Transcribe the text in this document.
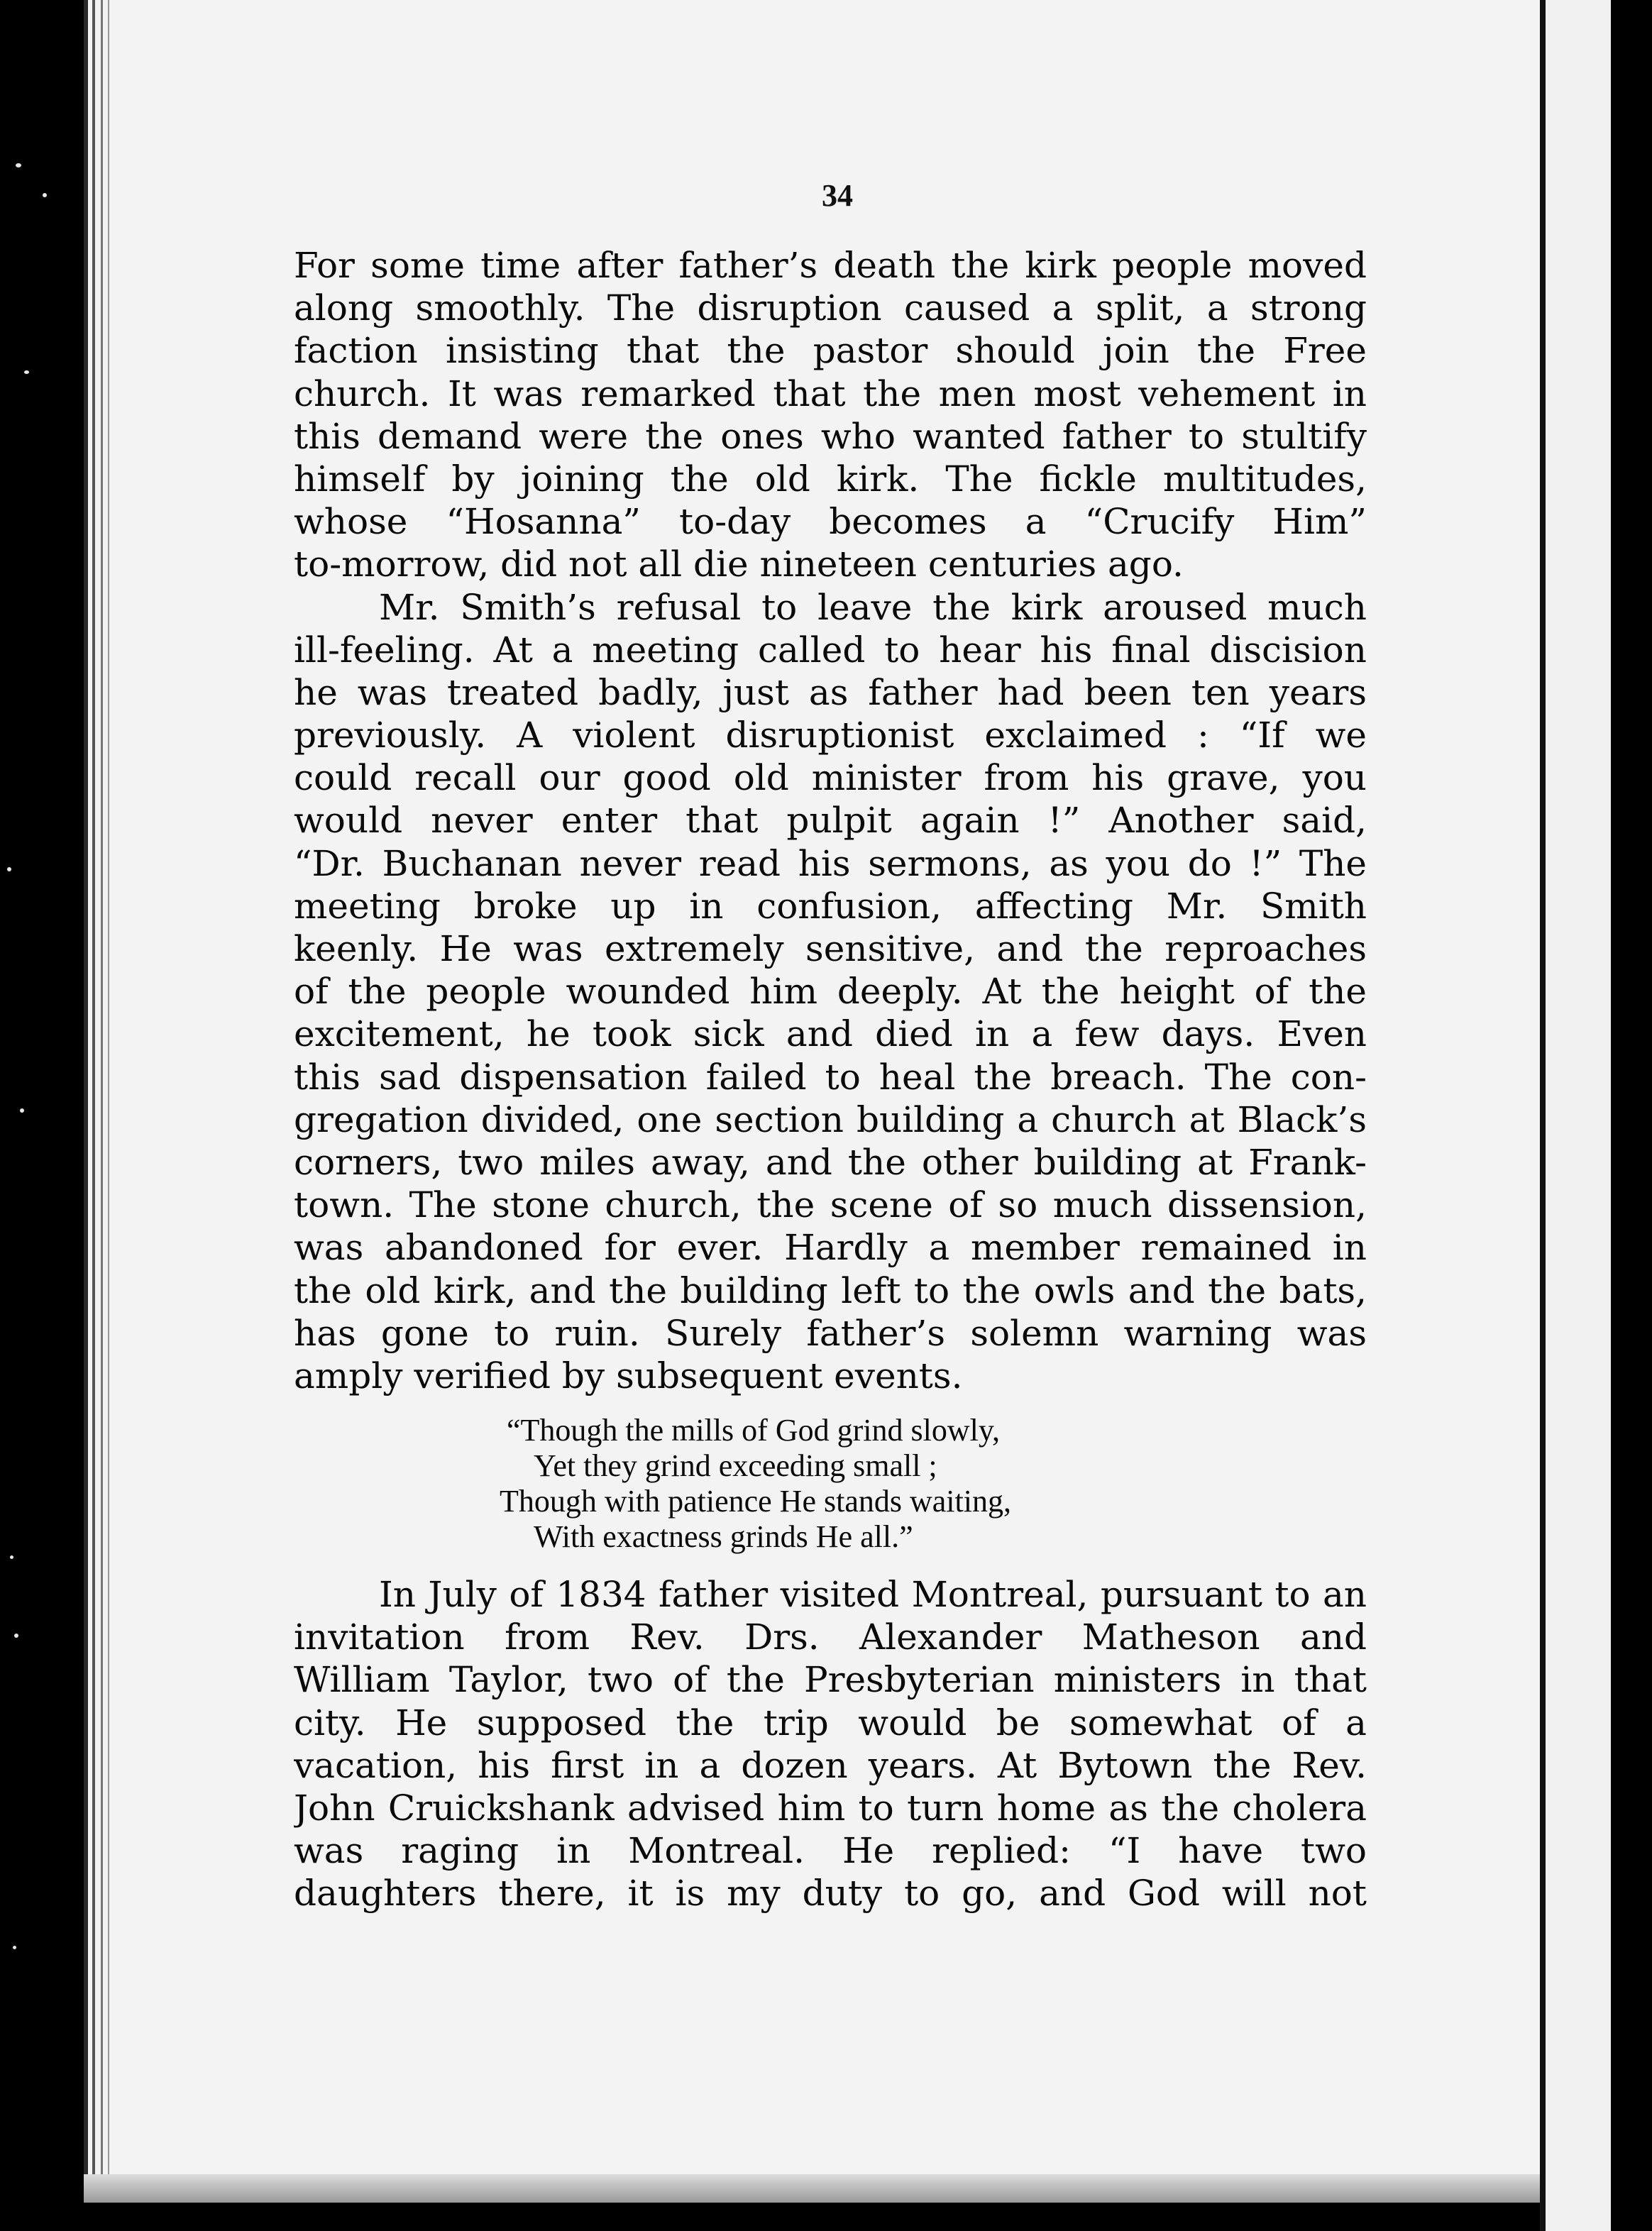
34
For some time after father’s death the kirk people moved
along smoothly. The disruption caused a split, a strong
faction insisting that the pastor should join the Free
church. It was remarked that the men most vehement in
this demand were the ones who wanted father to stultify
himself by joining the old kirk. The fickle multitudes,
whose “Hosanna” to-day becomes a “Crucify Him”
to-morrow, did not all die nineteen centuries ago.
Mr. Smith’s refusal to leave the kirk aroused much
ill-feeling. At a meeting called to hear his final discision
he was treated badly, just as father had been ten years
previously. A violent disruptionist exclaimed : “If we
could recall our good old minister from his grave, you
would never enter that pulpit again !” Another said,
“Dr. Buchanan never read his sermons, as you do !” The
meeting broke up in confusion, affecting Mr. Smith
keenly. He was extremely sensitive, and the reproaches
of the people wounded him deeply. At the height of the
excitement, he took sick and died in a few days. Even
this sad dispensation failed to heal the breach. The con-
gregation divided, one section building a church at Black’s
corners, two miles away, and the other building at Frank-
town. The stone church, the scene of so much dissension,
was abandoned for ever. Hardly a member remained in
the old kirk, and the building left to the owls and the bats,
has gone to ruin. Surely father’s solemn warning was
amply verified by subsequent events.
“Though the mills of God grind slowly,
Yet they grind exceeding small ;
Though with patience He stands waiting,
With exactness grinds He all.”
In July of 1834 father visited Montreal, pursuant to an
invitation from Rev. Drs. Alexander Matheson and
William Taylor, two of the Presbyterian ministers in that
city. He supposed the trip would be somewhat of a
vacation, his first in a dozen years. At Bytown the Rev.
John Cruickshank advised him to turn home as the cholera
was raging in Montreal. He replied: “I have two
daughters there, it is my duty to go, and God will not
